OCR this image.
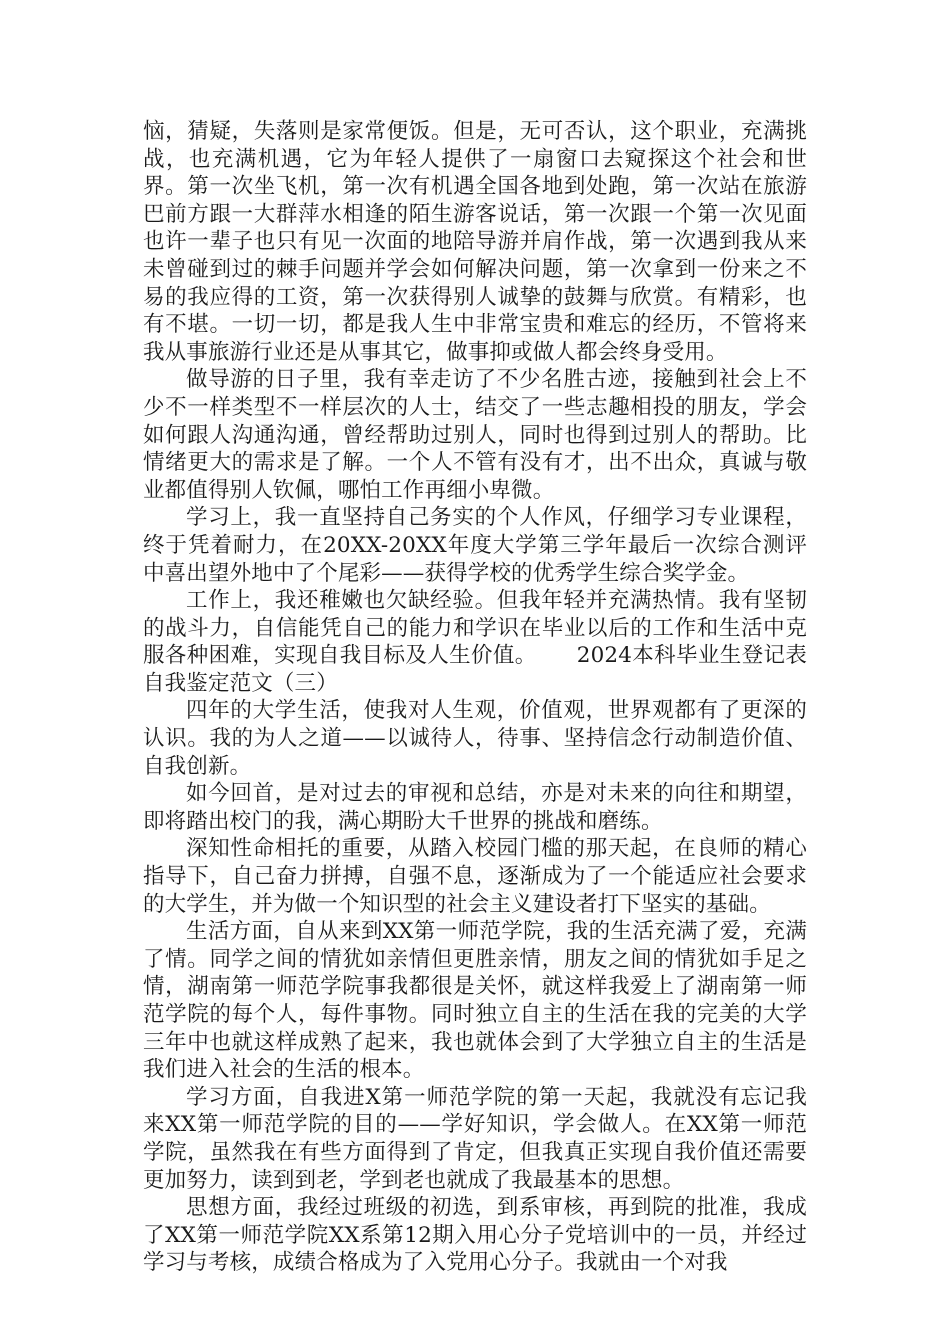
恼，猜疑，失落则是家常便饭。但是，无可否认，这个职业，充满挑战，也充满机遇，它为年轻人提供了一扇窗口去窥探这个社会和世界。第一次坐飞机，第一次有机遇全国各地到处跑，第一次站在旅游巴前方跟一大群萍水相逢的陌生游客说话，第一次跟一个第一次见面也许一辈子也只有见一次面的地陪导游并肩作战，第一次遇到我从来未曾碰到过的棘手问题并学会如何解决问题，第一次拿到一份来之不易的我应得的工资，第一次获得别人诚挚的鼓舞与欣赏。有精彩，也有不堪。一切一切，都是我人生中非常宝贵和难忘的经历，不管将来我从事旅游行业还是从事其它，做事抑或做人都会终身受用。

做导游的日子里，我有幸走访了不少名胜古迹，接触到社会上不少不一样类型不一样层次的人士，结交了一些志趣相投的朋友，学会如何跟人沟通沟通，曾经帮助过别人，同时也得到过别人的帮助。比情绪更大的需求是了解。一个人不管有没有才，出不出众，真诚与敬业都值得别人钦佩，哪怕工作再细小卑微。

学习上，我一直坚持自己务实的个人作风，仔细学习专业课程，终于凭着耐力，在20XX-20XX年度大学第三学年最后一次综合测评中喜出望外地中了个尾彩——获得学校的优秀学生综合奖学金。

工作上，我还稚嫩也欠缺经验。但我年轻并充满热情。我有坚韧的战斗力，自信能凭自己的能力和学识在毕业以后的工作和生活中克服各种困难，实现自我目标及人生价值。　　 2024本科毕业生登记表自我鉴定范文（三）

四年的大学生活，使我对人生观，价值观，世界观都有了更深的认识。我的为人之道——以诚待人，待事、坚持信念行动制造价值、自我创新。

如今回首，是对过去的审视和总结，亦是对未来的向往和期望，即将踏出校门的我，满心期盼大千世界的挑战和磨练。

深知性命相托的重要，从踏入校园门槛的那天起，在良师的精心指导下，自己奋力拼搏，自强不息，逐渐成为了一个能适应社会要求的大学生，并为做一个知识型的社会主义建设者打下坚实的基础。

生活方面，自从来到XX第一师范学院，我的生活充满了爱，充满了情。同学之间的情犹如亲情但更胜亲情，朋友之间的情犹如手足之情，湖南第一师范学院事我都很是关怀，就这样我爱上了湖南第一师范学院的每个人，每件事物。同时独立自主的生活在我的完美的大学三年中也就这样成熟了起来，我也就体会到了大学独立自主的生活是我们进入社会的生活的根本。

学习方面，自我进X第一师范学院的第一天起，我就没有忘记我来XX第一师范学院的目的——学好知识，学会做人。在XX第一师范学院，虽然我在有些方面得到了肯定，但我真正实现自我价值还需要更加努力，读到到老，学到老也就成了我最基本的思想。

思想方面，我经过班级的初选，到系审核，再到院的批准，我成了XX第一师范学院XX系第12期入用心分子党培训中的一员，并经过学习与考核，成绩合格成为了入党用心分子。我就由一个对我
